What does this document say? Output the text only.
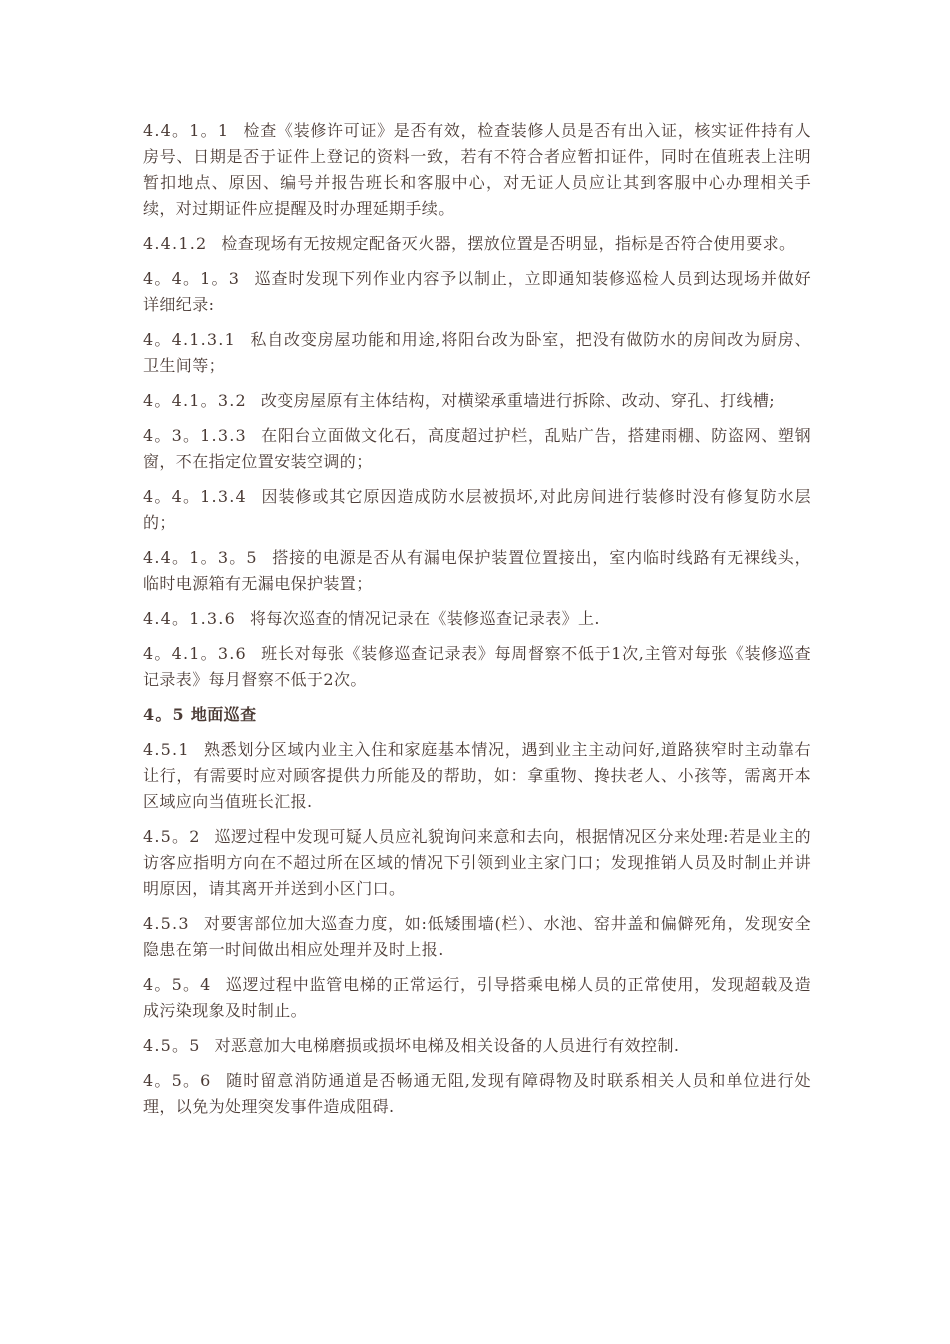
4.4。1。1 检查《装修许可证》是否有效，检查装修人员是否有出入证，核实证件持有人房号、日期是否于证件上登记的资料一致，若有不符合者应暂扣证件，同时在值班表上注明暂扣地点、原因、编号并报告班长和客服中心，对无证人员应让其到客服中心办理相关手续，对过期证件应提醒及时办理延期手续。

4.4.1.2 检查现场有无按规定配备灭火器，摆放位置是否明显，指标是否符合使用要求。

4。4。1。3 巡查时发现下列作业内容予以制止，立即通知装修巡检人员到达现场并做好详细纪录:

4。4.1.3.1 私自改变房屋功能和用途,将阳台改为卧室，把没有做防水的房间改为厨房、卫生间等；

4。4.1。3.2 改变房屋原有主体结构，对横梁承重墙进行拆除、改动、穿孔、打线槽;

4。3。1.3.3 在阳台立面做文化石，高度超过护栏，乱贴广告，搭建雨棚、防盗网、塑钢窗，不在指定位置安装空调的；

4。4。1.3.4 因装修或其它原因造成防水层被损坏,对此房间进行装修时没有修复防水层的；

4.4。1。3。5 搭接的电源是否从有漏电保护装置位置接出，室内临时线路有无裸线头，临时电源箱有无漏电保护装置；

4.4。1.3.6 将每次巡查的情况记录在《装修巡查记录表》上.

4。4.1。3.6 班长对每张《装修巡查记录表》每周督察不低于1次,主管对每张《装修巡查记录表》每月督察不低于2次。

4。5 地面巡查

4.5.1 熟悉划分区域内业主入住和家庭基本情况，遇到业主主动问好,道路狭窄时主动靠右让行，有需要时应对顾客提供力所能及的帮助，如：拿重物、搀扶老人、小孩等，需离开本区域应向当值班长汇报.

4.5。2 巡逻过程中发现可疑人员应礼貌询问来意和去向，根据情况区分来处理:若是业主的访客应指明方向在不超过所在区域的情况下引领到业主家门口；发现推销人员及时制止并讲明原因，请其离开并送到小区门口。

4.5.3 对要害部位加大巡查力度，如:低矮围墙(栏）、水池、窑井盖和偏僻死角，发现安全隐患在第一时间做出相应处理并及时上报.

4。5。4 巡逻过程中监管电梯的正常运行，引导搭乘电梯人员的正常使用，发现超载及造成污染现象及时制止。

4.5。5 对恶意加大电梯磨损或损坏电梯及相关设备的人员进行有效控制.

4。5。6 随时留意消防通道是否畅通无阻,发现有障碍物及时联系相关人员和单位进行处理，以免为处理突发事件造成阻碍.
